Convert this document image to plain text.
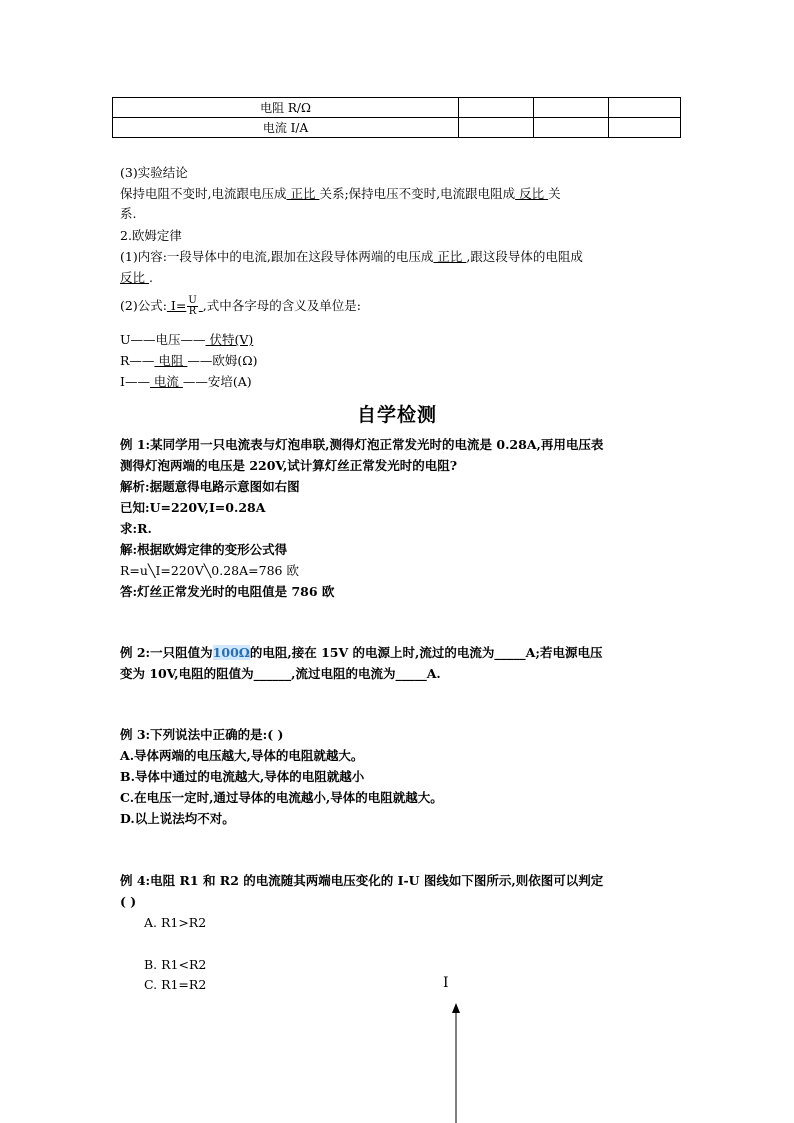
电阻 R/Ω			
电流 I/A			
(3)实验结论
保持电阻不变时,电流跟电压成 正比 关系;保持电压不变时,电流跟电阻成 反比 关
系.
2.欧姆定律
(1)内容:一段导体中的电流,跟加在这段导体两端的电压成 正比 ,跟这段导体的电阻成
反比 .
(2)公式: $I= \frac{U}{R}$ ,式中各字母的含义及单位是:
U——电压—— 伏特(V)
R—— 电阻 ——欧姆(Ω)
I—— 电流 ——安培(A)
自学检测
例 1:某同学用一只电流表与灯泡串联,测得灯泡正常发光时的电流是 0.28A,再用电压表
测得灯泡两端的电压是 220V,试计算灯丝正常发光时的电阻?
解析:据题意得电路示意图如右图
已知:U=220V,I=0.28A
求:R.
解:根据欧姆定律的变形公式得
R=u╲I=220V╲0.28A=786 欧
答:灯丝正常发光时的电阻值是 786 欧
例 2:一只阻值为100Ω的电阻,接在 15V 的电源上时,流过的电流为_____A;若电源电压
变为 10V,电阻的阻值为______,流过电阻的电流为_____A.
例 3:下列说法中正确的是:( )
A.导体两端的电压越大,导体的电阻就越大。
B.导体中通过的电流越大,导体的电阻就越小
C.在电压一定时,通过导体的电流越小,导体的电阻就越大。
D.以上说法均不对。
例 4:电阻 R1 和 R2 的电流随其两端电压变化的 I-U 图线如下图所示,则依图可以判定
( )
A. R1>R2
B. R1<R2
C. R1=R2	I
